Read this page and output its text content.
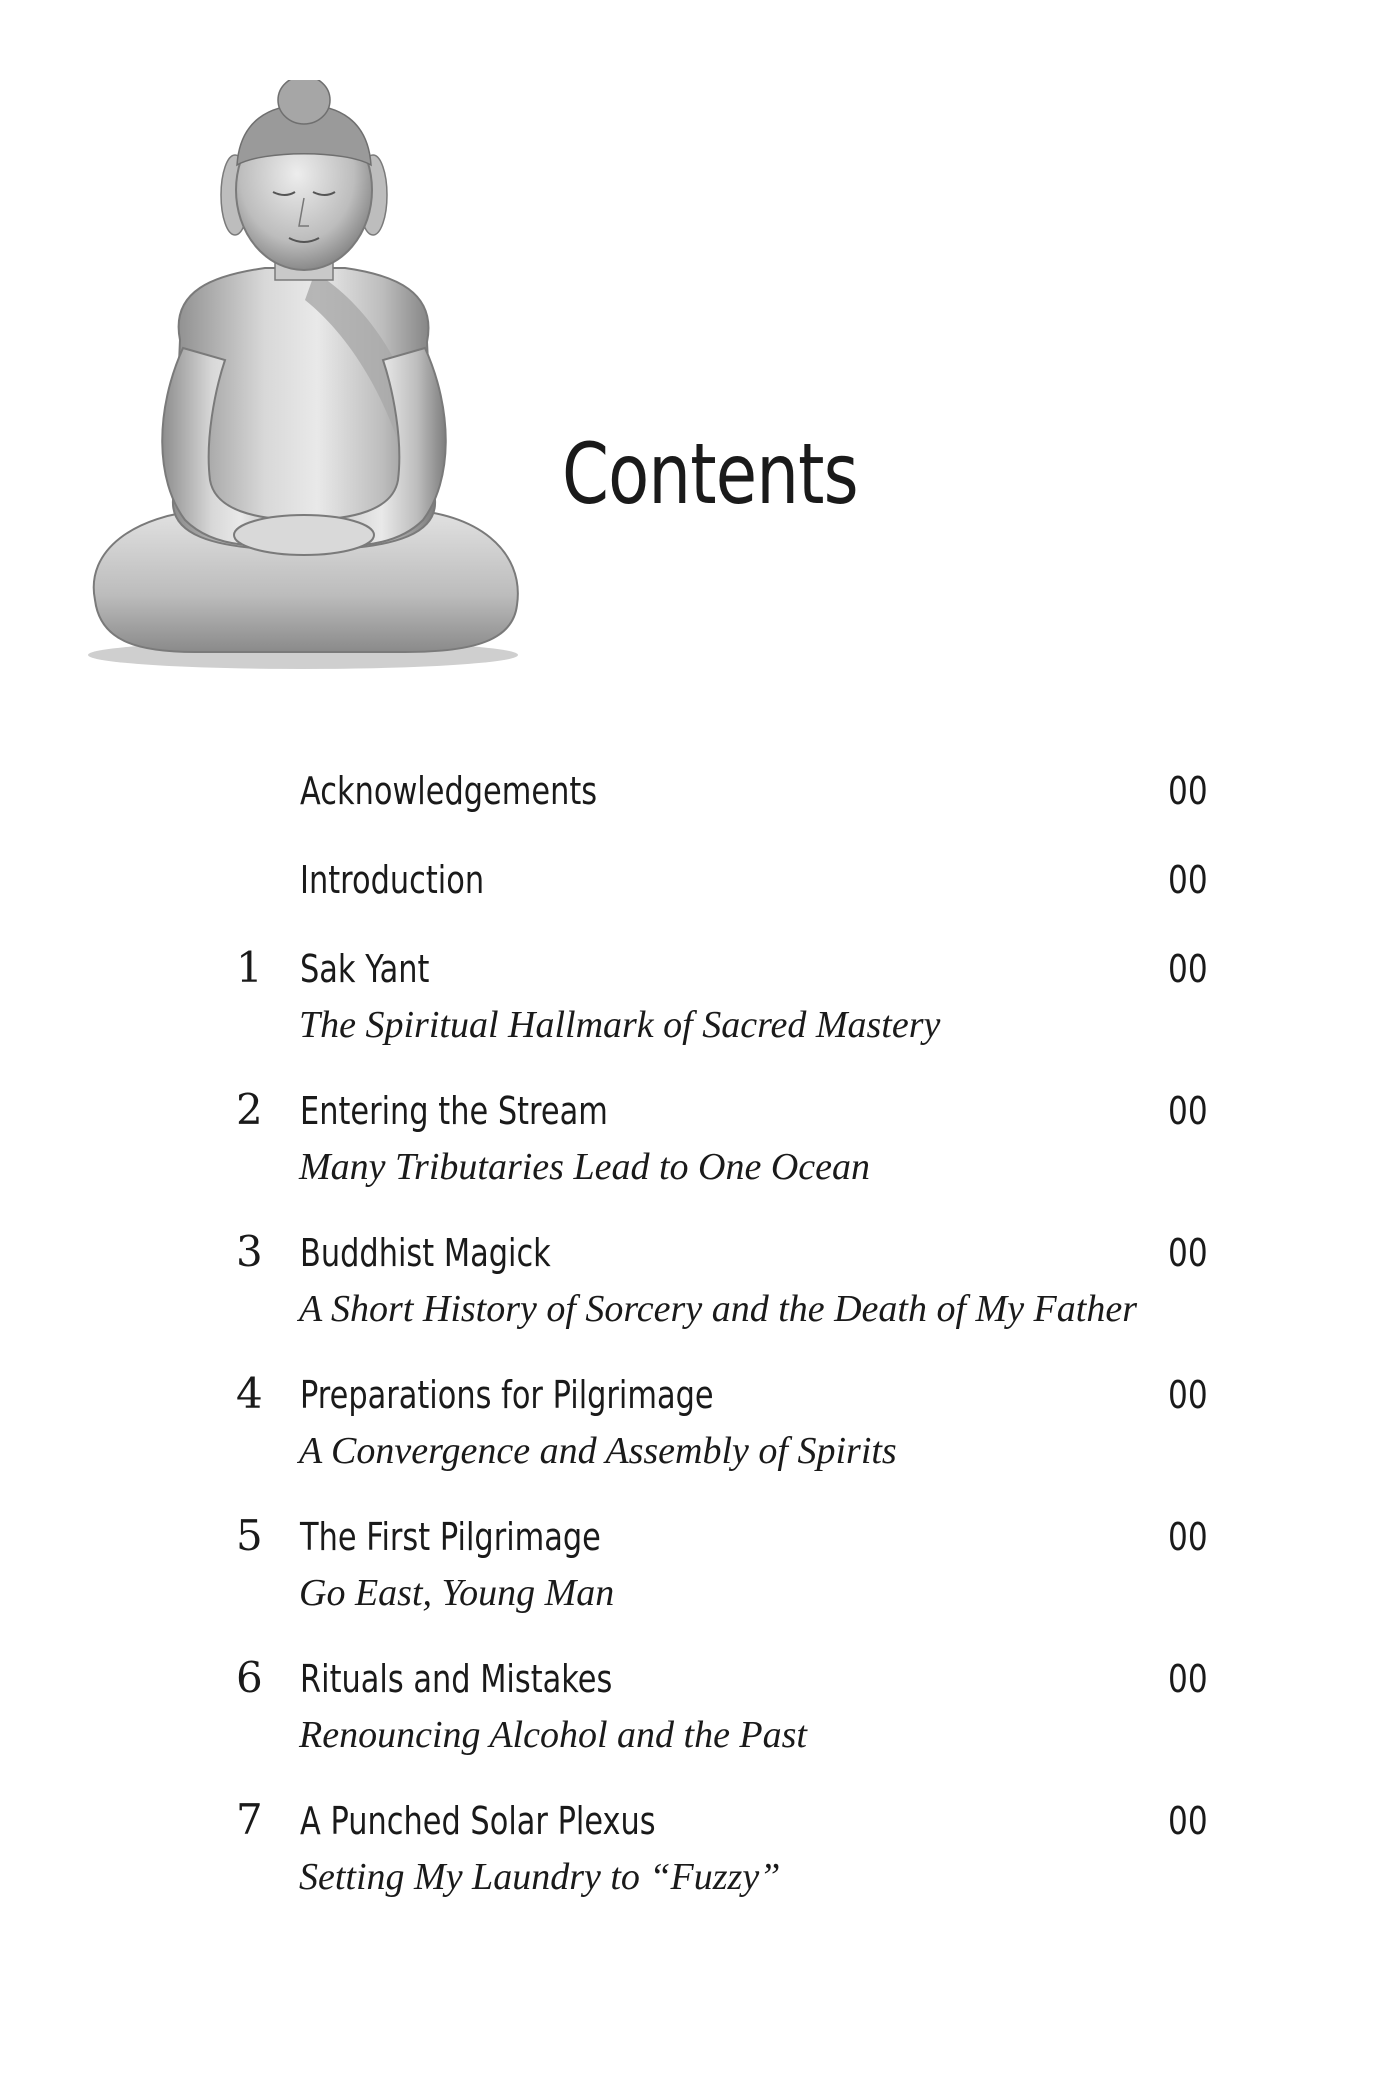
Contents
Acknowledgements	00
Introduction	00
1 Sak Yant
The Spiritual Hallmark of Sacred Mastery
00
2 Entering the Stream
Many Tributaries Lead to One Ocean
00
3 Buddhist Magick
A Short History of Sorcery and the Death of My Father
00
4 Preparations for Pilgrimage
A Convergence and Assembly of Spirits
00
5 The First Pilgrimage
Go East, Young Man
00
6 Rituals and Mistakes
Renouncing Alcohol and the Past
00
7 A Punched Solar Plexus
Setting My Laundry to “Fuzzy”
00
